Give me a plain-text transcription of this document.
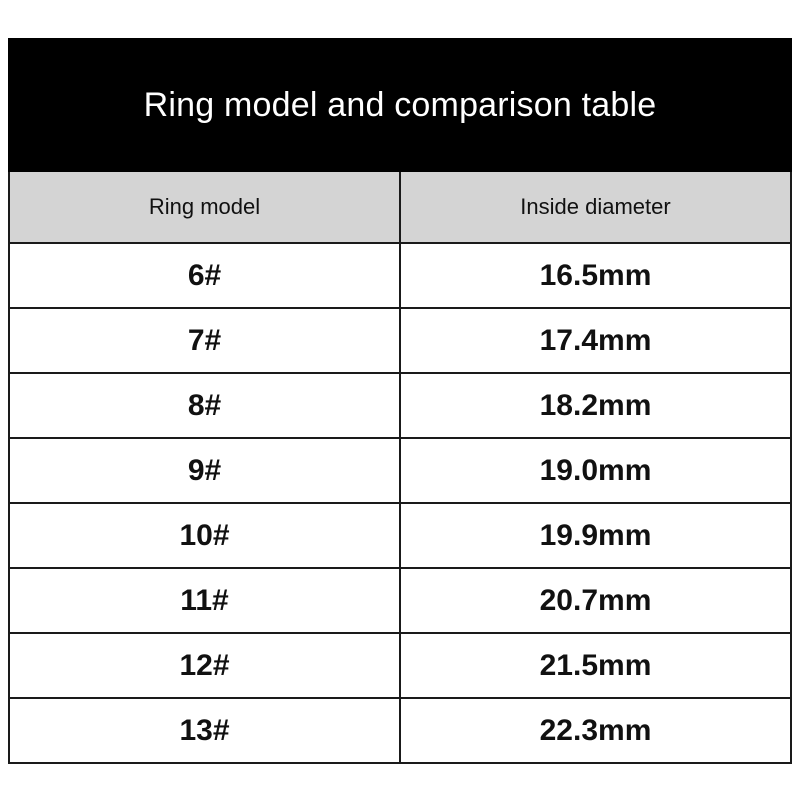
Ring model and comparison table	
Ring model	Inside diameter
6#	16.5mm
7#	17.4mm
8#	18.2mm
9#	19.0mm
10#	19.9mm
11#	20.7mm
12#	21.5mm
13#	22.3mm
